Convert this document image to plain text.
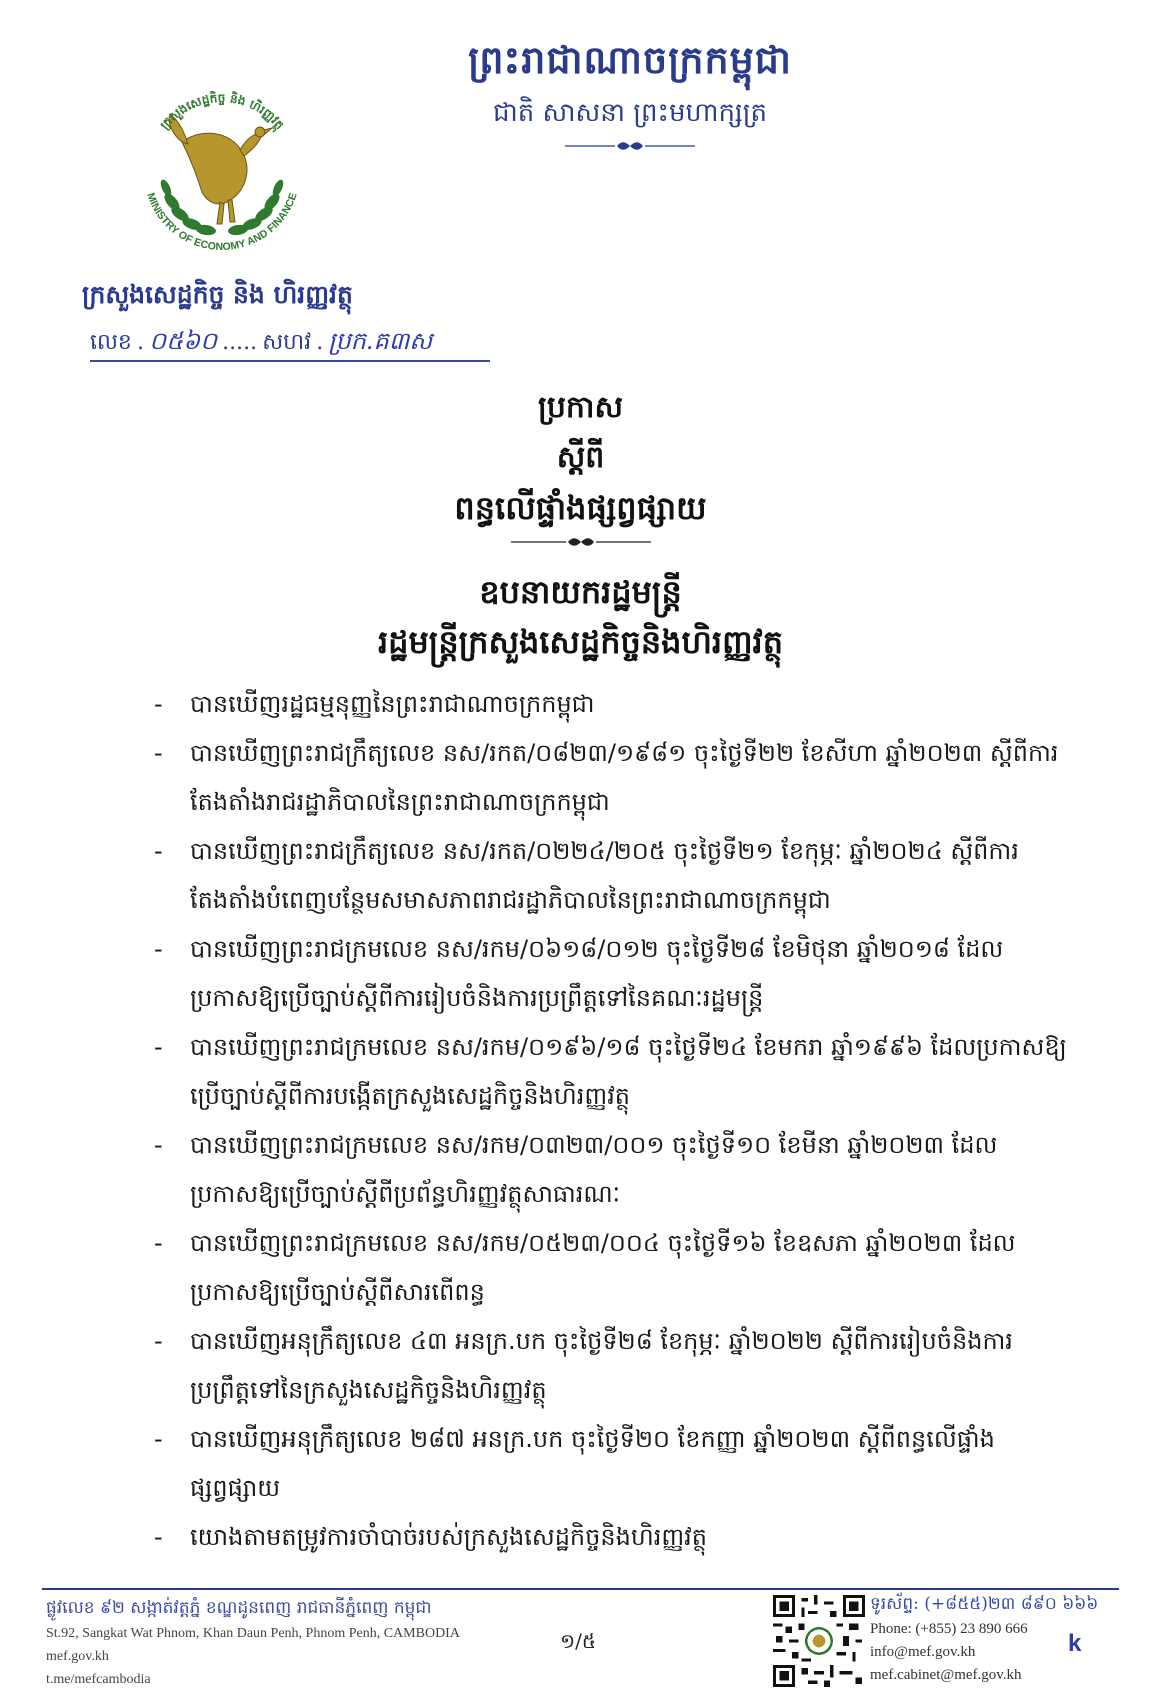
ព្រះរាជាណាចក្រកម្ពុជា
ជាតិ សាសនា ព្រះមហាក្សត្រ
ក្រសួងសេដ្ឋកិច្ច និង ហិរញ្ញវត្ថុ
MINISTRY OF ECONOMY AND FINANCE
ក្រសួងសេដ្ឋកិច្ច និង ហិរញ្ញវត្ថុ
លេខ . ០៥៦០ ..... សហវ . ប្រក.គ៣ស
ប្រកាស
ស្តីពី
ពន្ធលើផ្ទាំងផ្សព្វផ្សាយ
ឧបនាយករដ្ឋមន្រ្តី
រដ្ឋមន្រ្តីក្រសួងសេដ្ឋកិច្ចនិងហិរញ្ញវត្ថុ
- បានឃើញរដ្ឋធម្មនុញ្ញនៃព្រះរាជាណាចក្រកម្ពុជា
- បានឃើញព្រះរាជក្រឹត្យលេខ នស/រកត/០៨២៣/១៩៨១ ចុះថ្ងៃទី២២ ខែសីហា ឆ្នាំ២០២៣ ស្តីពីការតែងតាំងរាជរដ្ឋាភិបាលនៃព្រះរាជាណាចក្រកម្ពុជា
- បានឃើញព្រះរាជក្រឹត្យលេខ នស/រកត/០២២៤/២០៥ ចុះថ្ងៃទី២១ ខែកុម្ភៈ ឆ្នាំ២០២៤ ស្តីពីការតែងតាំងបំពេញបន្ថែមសមាសភាពរាជរដ្ឋាភិបាលនៃព្រះរាជាណាចក្រកម្ពុជា
- បានឃើញព្រះរាជក្រមលេខ នស/រកម/០៦១៨/០១២ ចុះថ្ងៃទី២៨ ខែមិថុនា ឆ្នាំ២០១៨ ដែលប្រកាសឱ្យប្រើច្បាប់ស្តីពីការរៀបចំនិងការប្រព្រឹត្តទៅនៃគណៈរដ្ឋមន្ត្រី
- បានឃើញព្រះរាជក្រមលេខ នស/រកម/០១៩៦/១៨ ចុះថ្ងៃទី២៤ ខែមករា ឆ្នាំ១៩៩៦ ដែលប្រកាសឱ្យប្រើច្បាប់ស្តីពីការបង្កើតក្រសួងសេដ្ឋកិច្ចនិងហិរញ្ញវត្ថុ
- បានឃើញព្រះរាជក្រមលេខ នស/រកម/០៣២៣/០០១ ចុះថ្ងៃទី១០ ខែមីនា ឆ្នាំ២០២៣ ដែលប្រកាសឱ្យប្រើច្បាប់ស្តីពីប្រព័ន្ធហិរញ្ញវត្ថុសាធារណៈ
- បានឃើញព្រះរាជក្រមលេខ នស/រកម/០៥២៣/០០៤ ចុះថ្ងៃទី១៦ ខែឧសភា ឆ្នាំ២០២៣ ដែលប្រកាសឱ្យប្រើច្បាប់ស្តីពីសារពើពន្ធ
- បានឃើញអនុក្រឹត្យលេខ ៤៣ អនក្រ.បក ចុះថ្ងៃទី២៨ ខែកុម្ភៈ ឆ្នាំ២០២២ ស្តីពីការរៀបចំនិងការប្រព្រឹត្តទៅនៃក្រសួងសេដ្ឋកិច្ចនិងហិរញ្ញវត្ថុ
- បានឃើញអនុក្រឹត្យលេខ ២៨៧ អនក្រ.បក ចុះថ្ងៃទី២០ ខែកញ្ញា ឆ្នាំ២០២៣ ស្តីពីពន្ធលើផ្ទាំងផ្សព្វផ្សាយ
- យោងតាមតម្រូវការចាំបាច់របស់ក្រសួងសេដ្ឋកិច្ចនិងហិរញ្ញវត្ថុ
ផ្លូវលេខ ៩២ សង្កាត់វត្តភ្នំ ខណ្ឌដូនពេញ រាជធានីភ្នំពេញ កម្ពុជា
St.92, Sangkat Wat Phnom, Khan Daun Penh, Phnom Penh, CAMBODIA
mef.gov.kh
t.me/mefcambodia
១/៥
ទូរស័ព្ទ: (+៨៥៥)២៣ ៨៩០ ៦៦៦
Phone: (+855) 23 890 666
info@mef.gov.kh
mef.cabinet@mef.gov.kh
k
